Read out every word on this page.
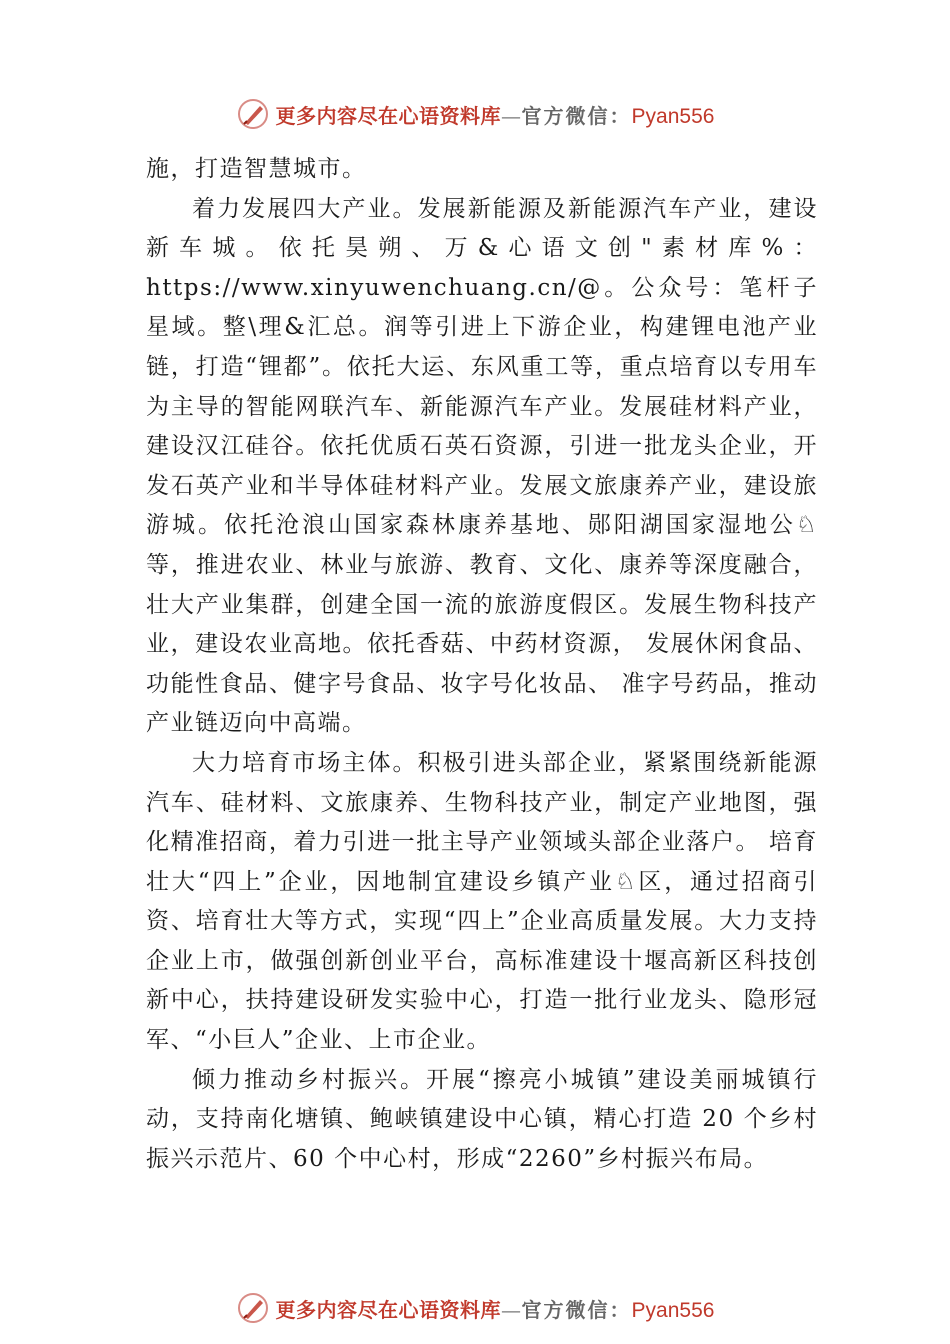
更多内容尽在心语资料库—官方微信：Pyan556

施，打造智慧城市。

着力发展四大产业。发展新能源及新能源汽车产业，建设新车城。依托昊朔、万&心语文创"素材库%：https://www.xinyuwenchuang.cn/@。公众号：笔杆子星域。整\理&汇总。润等引进上下游企业，构建锂电池产业链，打造“锂都”。依托大运、东风重工等，重点培育以专用车为主导的智能网联汽车、新能源汽车产业。发展硅材料产业，建设汉江硅谷。依托优质石英石资源，引进一批龙头企业，开发石英产业和半导体硅材料产业。发展文旅康养产业，建设旅游城。依托沧浪山国家森林康养基地、郧阳湖国家湿地公♘等，推进农业、林业与旅游、教育、文化、康养等深度融合，壮大产业集群，创建全国一流的旅游度假区。发展生物科技产业，建设农业高地。依托香菇、中药材资源， 发展休闲食品、功能性食品、健字号食品、妆字号化妆品、 准字号药品，推动产业链迈向中高端。

大力培育市场主体。积极引进头部企业，紧紧围绕新能源汽车、硅材料、文旅康养、生物科技产业，制定产业地图，强化精准招商，着力引进一批主导产业领域头部企业落户。 培育壮大“四上”企业，因地制宜建设乡镇产业♘区，通过招商引资、培育壮大等方式，实现“四上”企业高质量发展。大力支持企业上市，做强创新创业平台，高标准建设十堰高新区科技创新中心，扶持建设研发实验中心，打造一批行业龙头、隐形冠军、“小巨人”企业、上市企业。

倾力推动乡村振兴。开展“擦亮小城镇”建设美丽城镇行动，支持南化塘镇、鲍峡镇建设中心镇，精心打造 20 个乡村振兴示范片、60 个中心村，形成“2260”乡村振兴布局。

更多内容尽在心语资料库—官方微信：Pyan556
